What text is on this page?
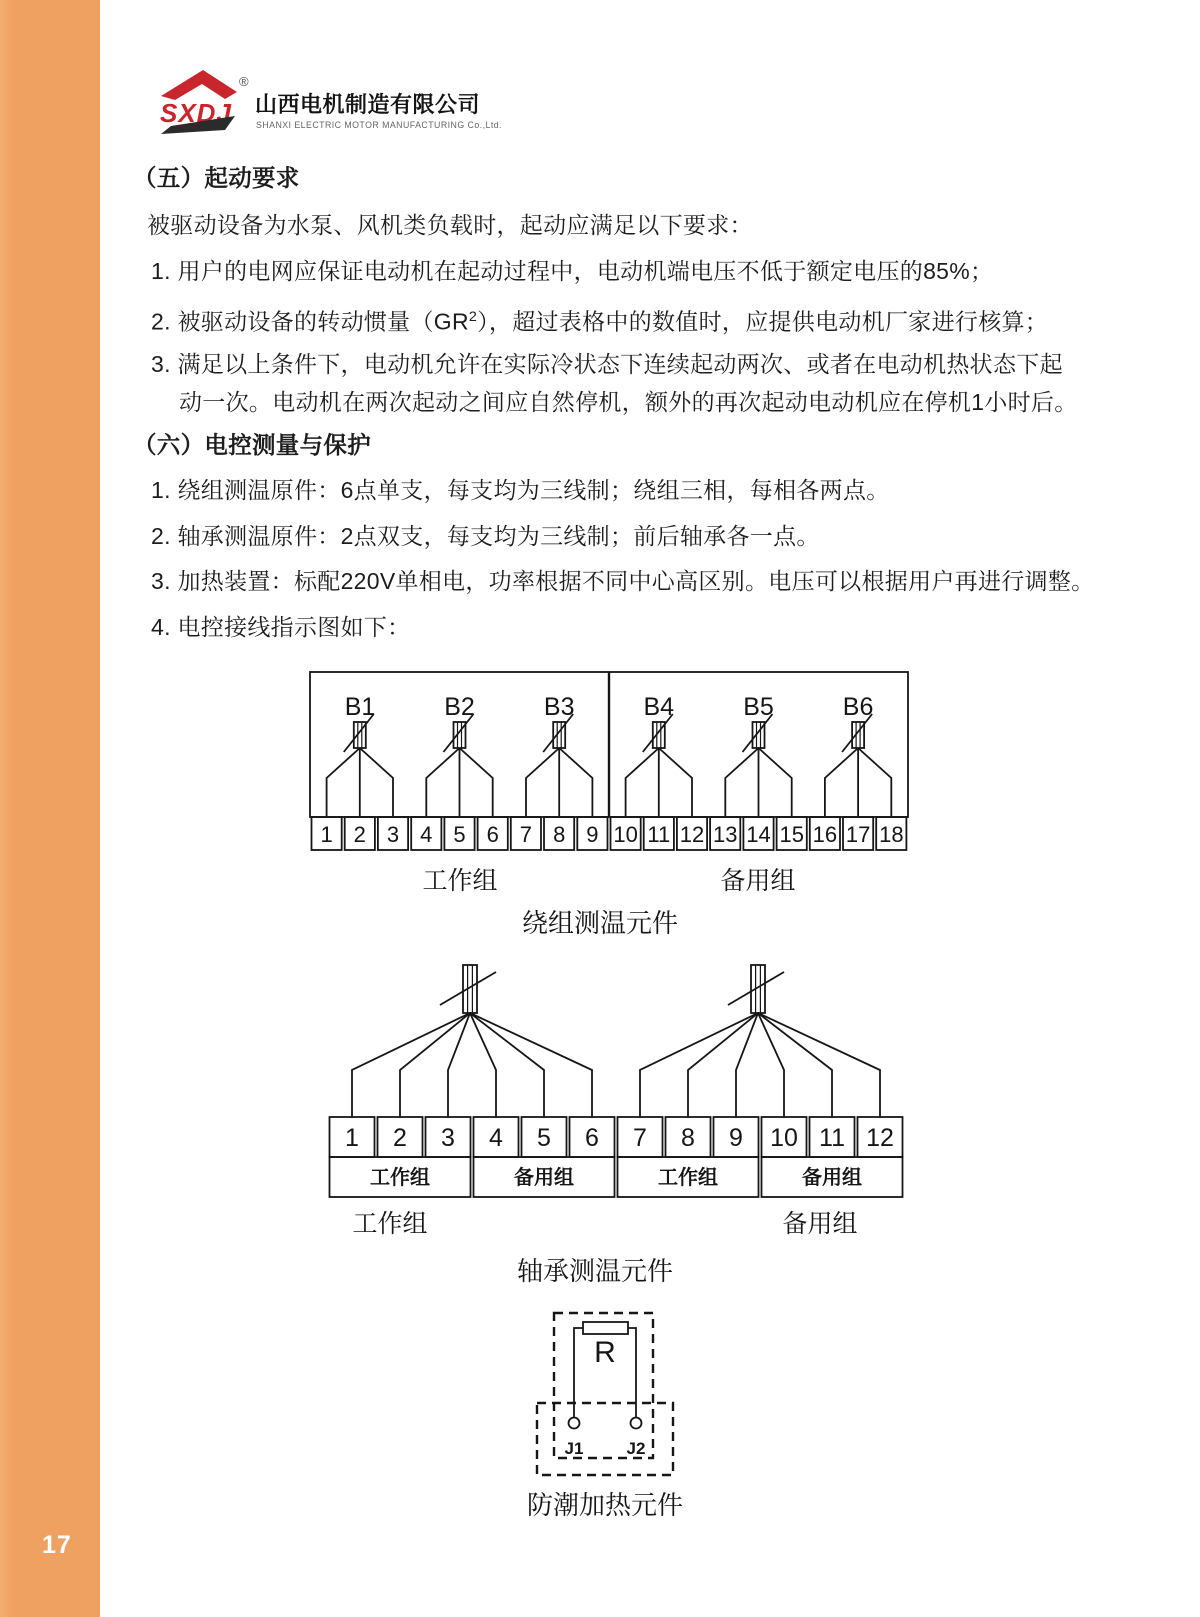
17
SXDJ
®
山西电机制造有限公司
SHANXI ELECTRIC MOTOR MANUFACTURING Co.,Ltd.
（五）起动要求
被驱动设备为水泵、风机类负载时，起动应满足以下要求：
1. 用户的电网应保证电动机在起动过程中，电动机端电压不低于额定电压的85%；
2. 被驱动设备的转动惯量$(GR^2)$，超过表格中的数值时，应提供电动机厂家进行核算；
3. 满足以上条件下，电动机允许在实际冷状态下连续起动两次、或者在电动机热状态下起
动一次。电动机在两次起动之间应自然停机，额外的再次起动电动机应在停机1小时后。
（六）电控测量与保护
1. 绕组测温原件：6点单支，每支均为三线制；绕组三相，每相各两点。
2. 轴承测温原件：2点双支，每支均为三线制；前后轴承各一点。
3. 加热装置：标配220V单相电，功率根据不同中心高区别。电压可以根据用户再进行调整。
4. 电控接线指示图如下：
B1	B2	B3	B4	B5	B6
1 2 3 4 5 6 7 8 9 10 11 12 13 14 15 16 17 18
工作组	备用组
绕组测温元件
1 2 3 4 5 6 7 8 9 10 11 12
工作组	备用组	工作组	备用组
工作组	备用组
轴承测温元件
R
J1	J2
防潮加热元件
